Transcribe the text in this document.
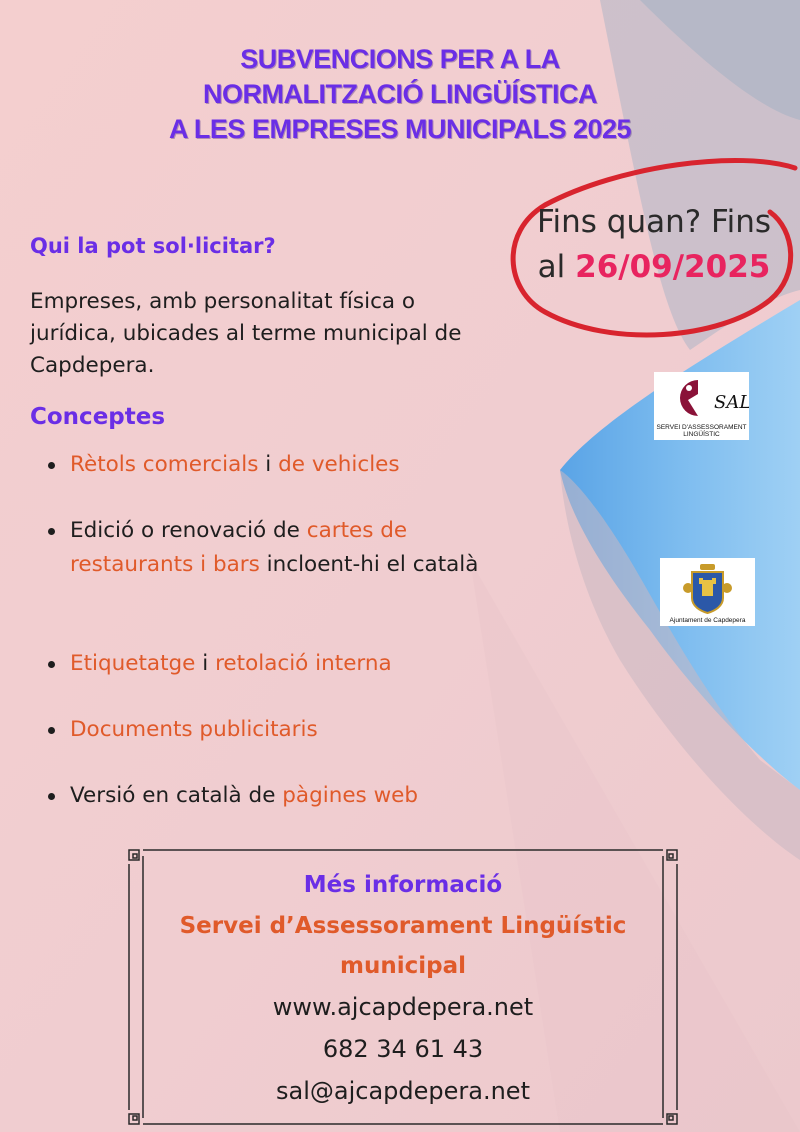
SUBVENCIONS PER A LA
NORMALITZACIÓ LINGÜÍSTICA
A LES EMPRESES MUNICIPALS 2025
Fins quan? Fins
al 26/09/2025
Qui la pot sol·licitar?
Empreses, amb personalitat física o jurídica, ubicades al terme municipal de Capdepera.
Conceptes
Rètols comercials i de vehicles
Edició o renovació de cartes de restaurants i bars incloent-hi el català
Etiquetatge i retolació interna
Documents publicitaris
Versió en català de pàgines web
SAL
SERVEI D'ASSESSORAMENT
LINGÜÍSTIC
Ajuntament de Capdepera
Més informació
Servei d’Assessorament Lingüístic
municipal
www.ajcapdepera.net
682 34 61 43
sal@ajcapdepera.net
